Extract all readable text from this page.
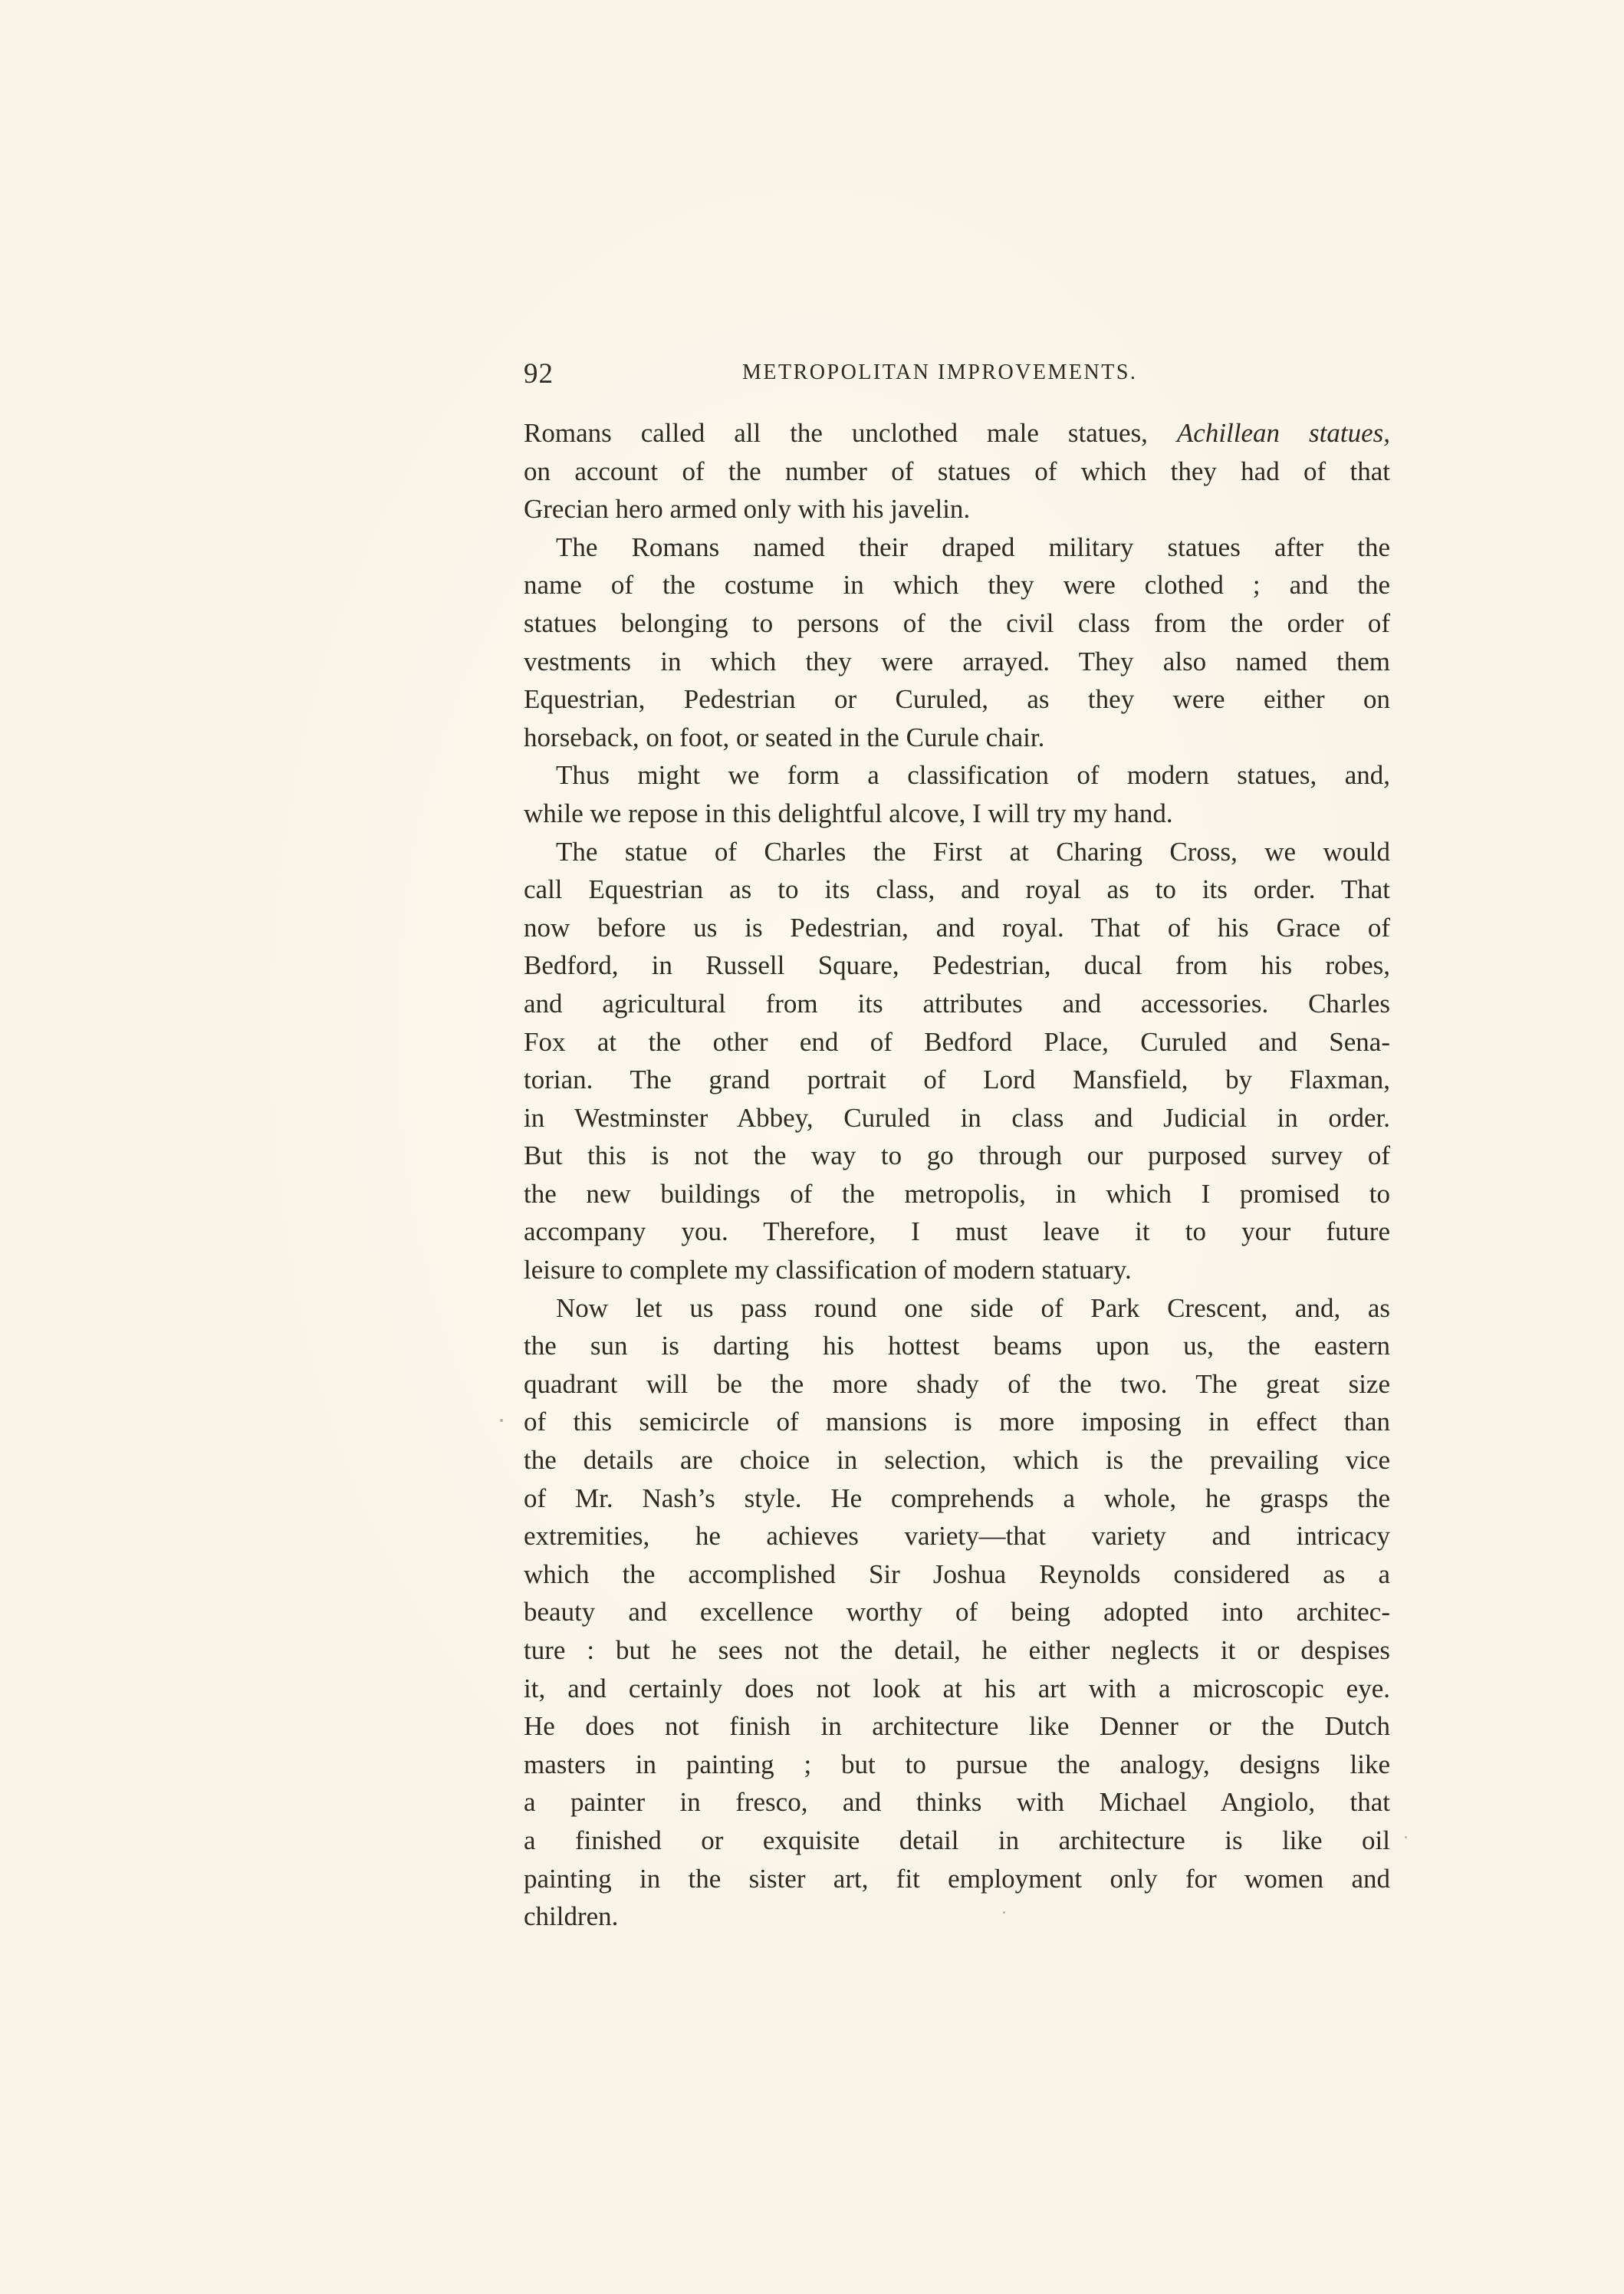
92	METROPOLITAN IMPROVEMENTS.
Romans called all the unclothed male statues, Achillean statues,
on account of the number of statues of which they had of that
Grecian hero armed only with his javelin.
The Romans named their draped military statues after the
name of the costume in which they were clothed ; and the
statues belonging to persons of the civil class from the order of
vestments in which they were arrayed. They also named them
Equestrian, Pedestrian or Curuled, as they were either on
horseback, on foot, or seated in the Curule chair.
Thus might we form a classification of modern statues, and,
while we repose in this delightful alcove, I will try my hand.
The statue of Charles the First at Charing Cross, we would
call Equestrian as to its class, and royal as to its order. That
now before us is Pedestrian, and royal. That of his Grace of
Bedford, in Russell Square, Pedestrian, ducal from his robes,
and agricultural from its attributes and accessories. Charles
Fox at the other end of Bedford Place, Curuled and Sena-
torian. The grand portrait of Lord Mansfield, by Flaxman,
in Westminster Abbey, Curuled in class and Judicial in order.
But this is not the way to go through our purposed survey of
the new buildings of the metropolis, in which I promised to
accompany you. Therefore, I must leave it to your future
leisure to complete my classification of modern statuary.
Now let us pass round one side of Park Crescent, and, as
the sun is darting his hottest beams upon us, the eastern
quadrant will be the more shady of the two. The great size
of this semicircle of mansions is more imposing in effect than
the details are choice in selection, which is the prevailing vice
of Mr. Nash’s style. He comprehends a whole, he grasps the
extremities, he achieves variety—that variety and intricacy
which the accomplished Sir Joshua Reynolds considered as a
beauty and excellence worthy of being adopted into architec-
ture : but he sees not the detail, he either neglects it or despises
it, and certainly does not look at his art with a microscopic eye.
He does not finish in architecture like Denner or the Dutch
masters in painting ; but to pursue the analogy, designs like
a painter in fresco, and thinks with Michael Angiolo, that
a finished or exquisite detail in architecture is like oil
painting in the sister art, fit employment only for women and
children.
